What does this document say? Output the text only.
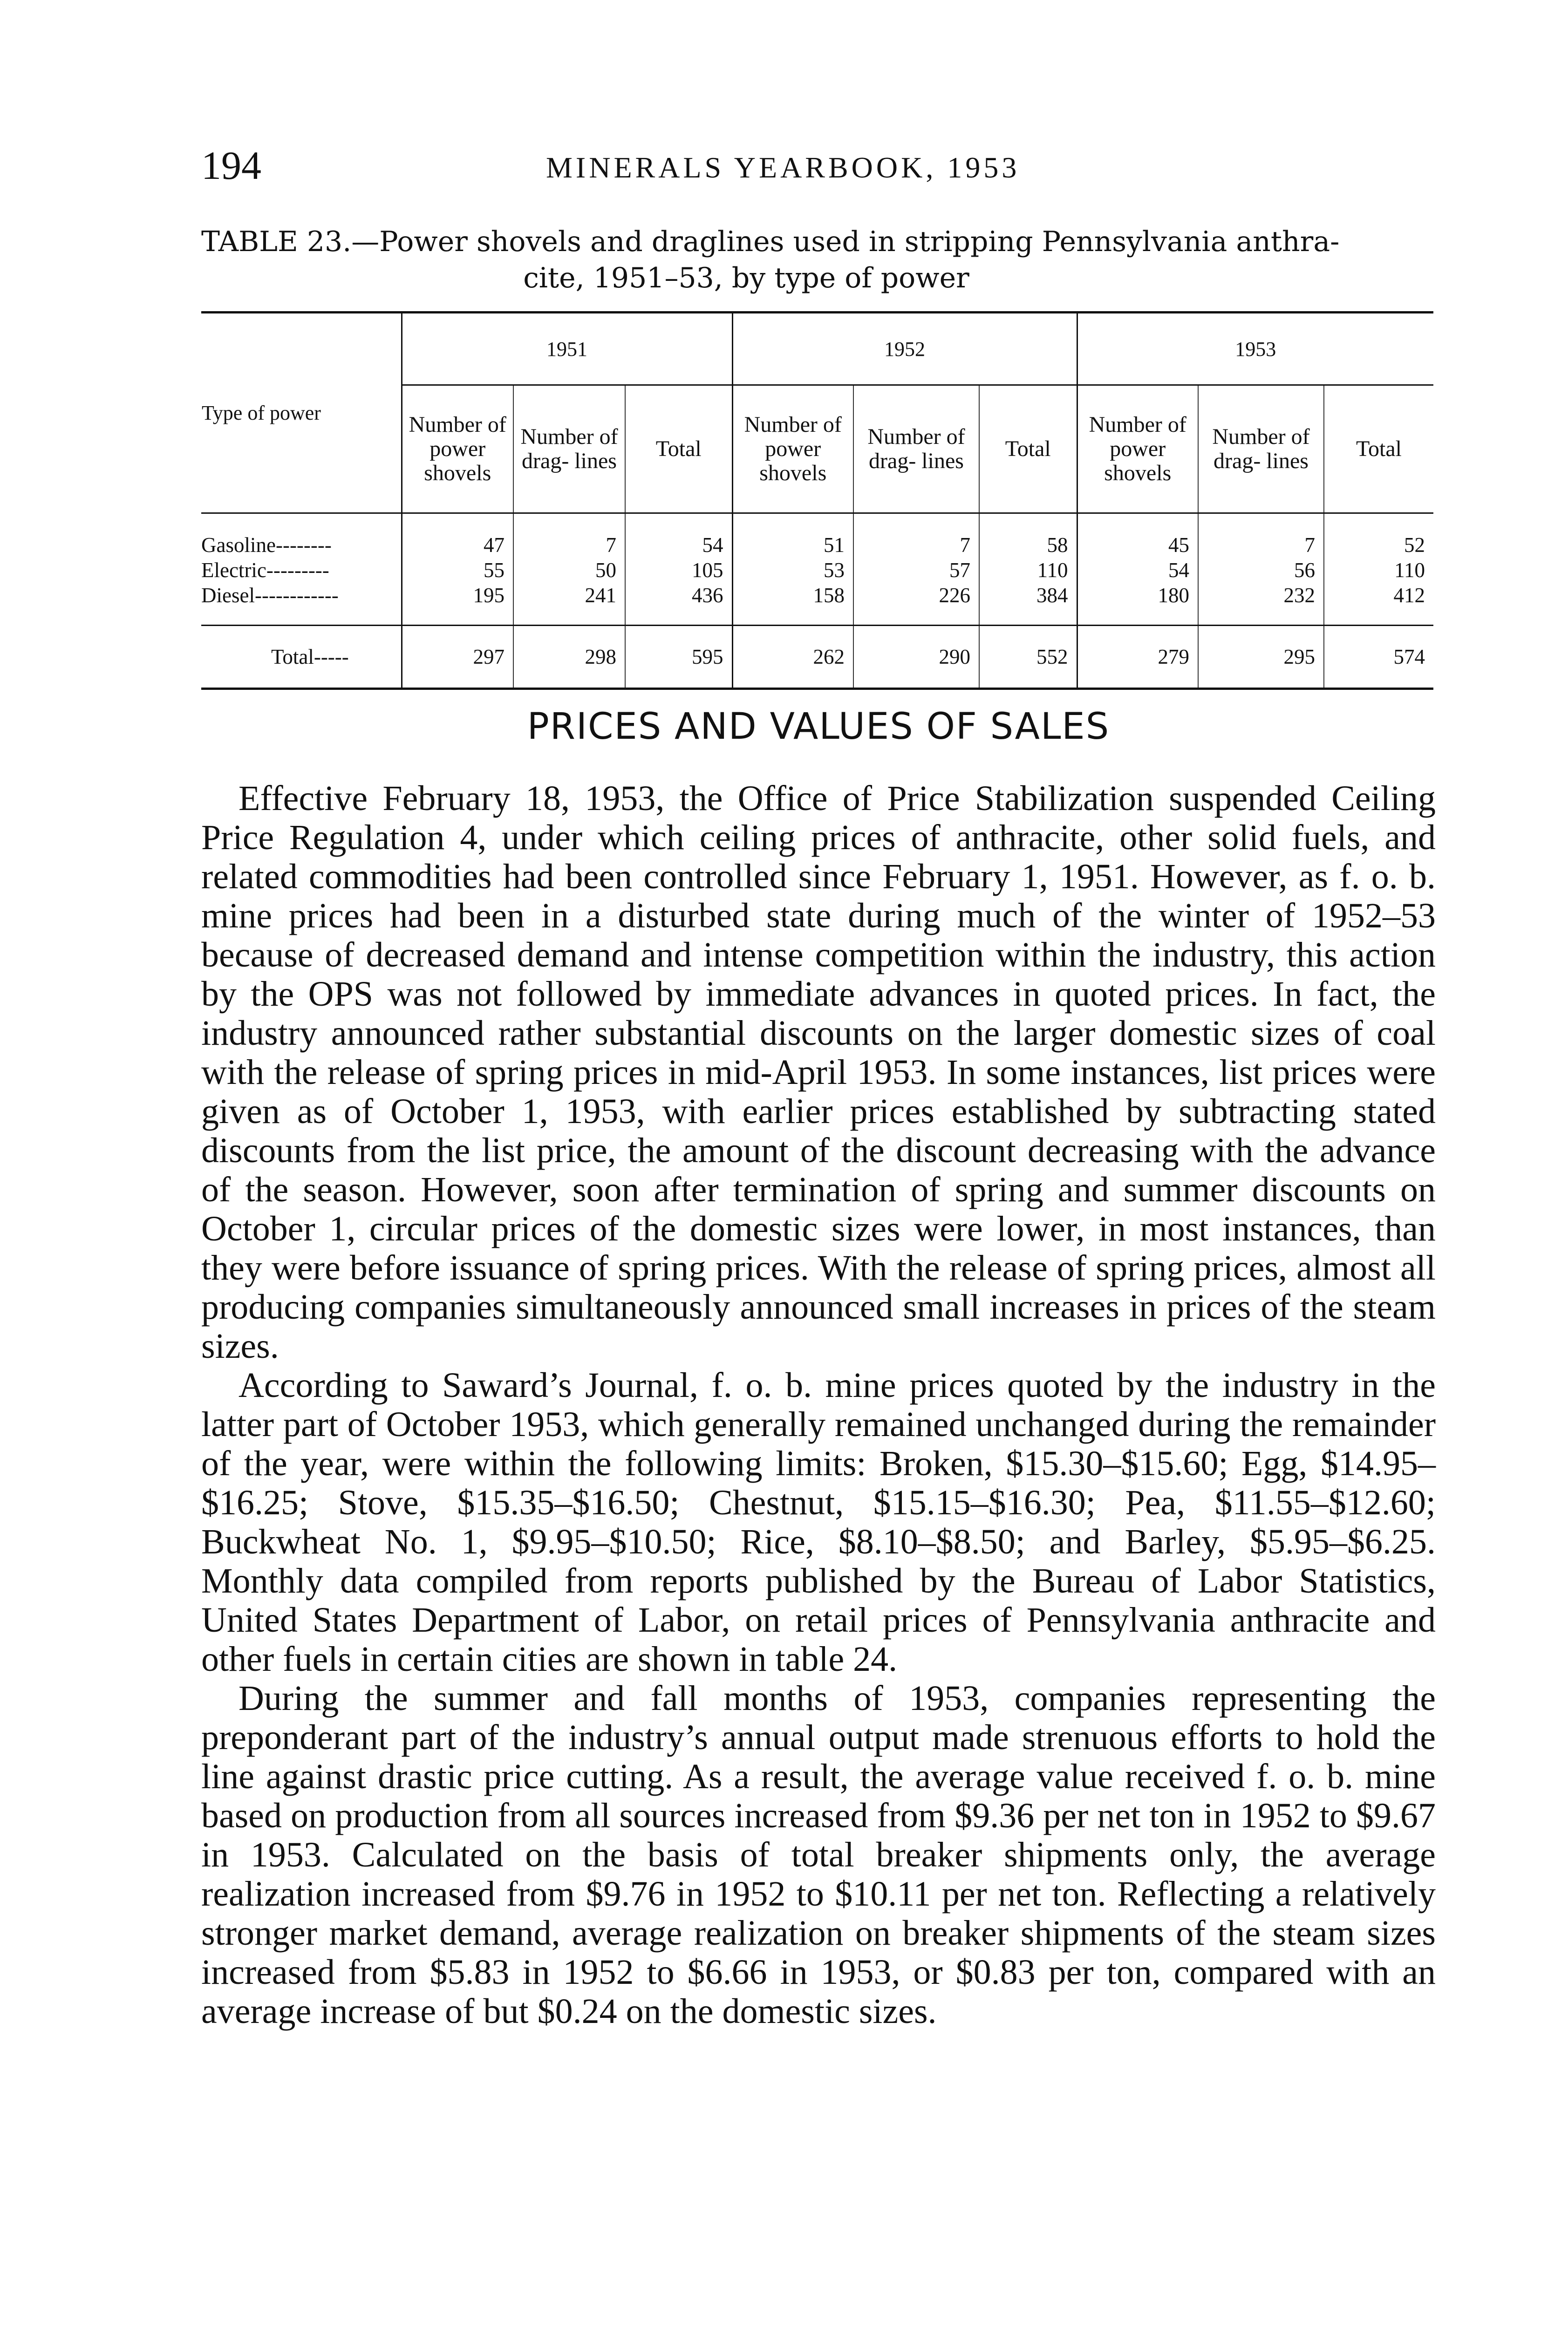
194	MINERALS YEARBOOK, 1953
TABLE 23.—Power shovels and draglines used in stripping Pennsylvania anthra-
cite, 1951–53, by type of power
Type of power	1951			1952			1953		
	Number of power shovels	Number of drag- lines	Total	Number of power shovels	Number of drag- lines	Total	Number of power shovels	Number of drag- lines	Total
Gasoline--------	47	7	54	51	7	58	45	7	52
Electric---------	55	50	105	53	57	110	54	56	110
Diesel------------	195	241	436	158	226	384	180	232	412
Total-----	297	298	595	262	290	552	279	295	574
PRICES AND VALUES OF SALES

Effective February 18, 1953, the Office of Price Stabilization suspended Ceiling Price Regulation 4, under which ceiling prices of anthracite, other solid fuels, and related commodities had been controlled since February 1, 1951. However, as f. o. b. mine prices had been in a disturbed state during much of the winter of 1952–53 because of decreased demand and intense competition within the industry, this action by the OPS was not followed by immediate advances in quoted prices. In fact, the industry announced rather substantial discounts on the larger domestic sizes of coal with the release of spring prices in mid-April 1953. In some instances, list prices were given as of October 1, 1953, with earlier prices established by subtracting stated discounts from the list price, the amount of the discount decreasing with the advance of the season. However, soon after termination of spring and summer discounts on October 1, circular prices of the domestic sizes were lower, in most instances, than they were before issuance of spring prices. With the release of spring prices, almost all producing companies simultaneously announced small increases in prices of the steam sizes.

According to Saward’s Journal, f. o. b. mine prices quoted by the industry in the latter part of October 1953, which generally remained unchanged during the remainder of the year, were within the following limits: Broken, $15.30–$15.60; Egg, $14.95–$16.25; Stove, $15.35–$16.50; Chestnut, $15.15–$16.30; Pea, $11.55–$12.60; Buckwheat No. 1, $9.95–$10.50; Rice, $8.10–$8.50; and Barley, $5.95–$6.25. Monthly data compiled from reports published by the Bureau of Labor Statistics, United States Department of Labor, on retail prices of Pennsylvania anthracite and other fuels in certain cities are shown in table 24.

During the summer and fall months of 1953, companies representing the preponderant part of the industry’s annual output made strenuous efforts to hold the line against drastic price cutting. As a result, the average value received f. o. b. mine based on production from all sources increased from $9.36 per net ton in 1952 to $9.67 in 1953. Calculated on the basis of total breaker shipments only, the average realization increased from $9.76 in 1952 to $10.11 per net ton. Reflecting a relatively stronger market demand, average realization on breaker shipments of the steam sizes increased from $5.83 in 1952 to $6.66 in 1953, or $0.83 per ton, compared with an average increase of but $0.24 on the domestic sizes.
